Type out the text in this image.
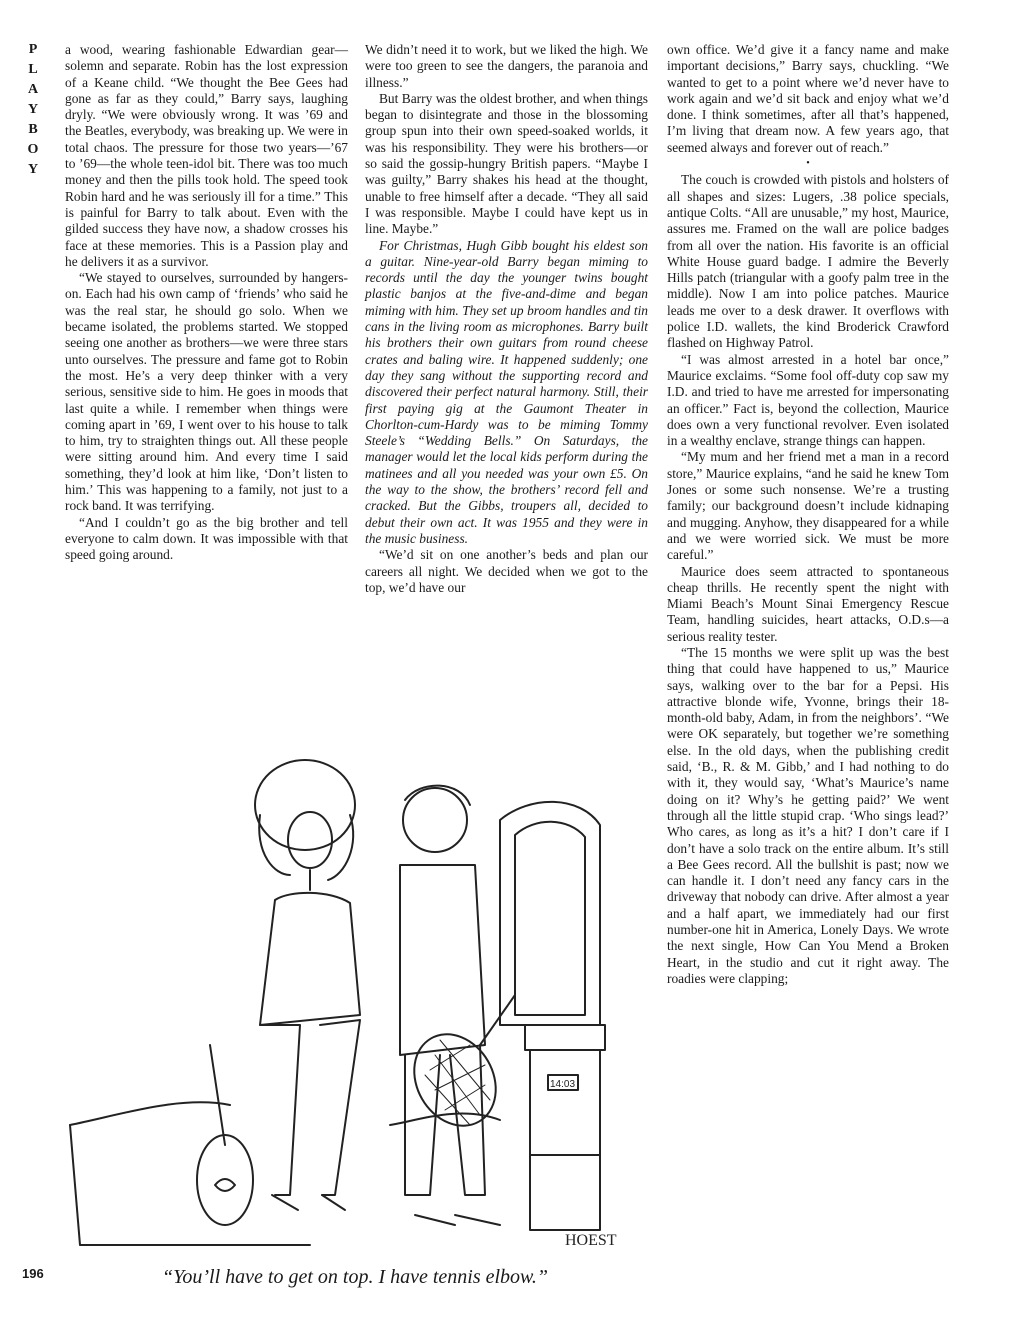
P
L
A
Y
B
O
Y

a wood, wearing fashionable Edwardian gear—solemn and separate. Robin has the lost expression of a Keane child. “We thought the Bee Gees had gone as far as they could,” Barry says, laughing dryly. “We were obviously wrong. It was ’69 and the Beatles, everybody, was breaking up. We were in total chaos. The pressure for those two years—’67 to ’69—the whole teen-idol bit. There was too much money and then the pills took hold. The speed took Robin hard and he was seriously ill for a time.” This is painful for Barry to talk about. Even with the gilded success they have now, a shadow crosses his face at these memories. This is a Passion play and he delivers it as a survivor.

“We stayed to ourselves, surrounded by hangers-on. Each had his own camp of ‘friends’ who said he was the real star, he should go solo. When we became isolated, the problems started. We stopped seeing one another as brothers—we were three stars unto ourselves. The pressure and fame got to Robin the most. He’s a very deep thinker with a very serious, sensitive side to him. He goes in moods that last quite a while. I remember when things were coming apart in ’69, I went over to his house to talk to him, try to straighten things out. All these people were sitting around him. And every time I said something, they’d look at him like, ‘Don’t listen to him.’ This was happening to a family, not just to a rock band. It was terrifying.

“And I couldn’t go as the big brother and tell everyone to calm down. It was impossible with that speed going around.

We didn’t need it to work, but we liked the high. We were too green to see the dangers, the paranoia and illness.”

But Barry was the oldest brother, and when things began to disintegrate and those in the blossoming group spun into their own speed-soaked worlds, it was his responsibility. They were his brothers—or so said the gossip-hungry British papers. “Maybe I was guilty,” Barry shakes his head at the thought, unable to free himself after a decade. “They all said I was responsible. Maybe I could have kept us in line. Maybe.”

For Christmas, Hugh Gibb bought his eldest son a guitar. Nine-year-old Barry began miming to records until the day the younger twins bought plastic banjos at the five-and-dime and began miming with him. They set up broom handles and tin cans in the living room as microphones. Barry built his brothers their own guitars from round cheese crates and baling wire. It happened suddenly; one day they sang without the supporting record and discovered their perfect natural harmony. Still, their first paying gig at the Gaumont Theater in Chorlton-cum-Hardy was to be miming Tommy Steele’s “Wedding Bells.” On Saturdays, the manager would let the local kids perform during the matinees and all you needed was your own £5. On the way to the show, the brothers’ record fell and cracked. But the Gibbs, troupers all, decided to debut their own act. It was 1955 and they were in the music business.

“We’d sit on one another’s beds and plan our careers all night. We decided when we got to the top, we’d have our

own office. We’d give it a fancy name and make important decisions,” Barry says, chuckling. “We wanted to get to a point where we’d never have to work again and we’d sit back and enjoy what we’d done. I think sometimes, after all that’s happened, I’m living that dream now. A few years ago, that seemed always and forever out of reach.”

•

The couch is crowded with pistols and holsters of all shapes and sizes: Lugers, .38 police specials, antique Colts. “All are unusable,” my host, Maurice, assures me. Framed on the wall are police badges from all over the nation. His favorite is an official White House guard badge. I admire the Beverly Hills patch (triangular with a goofy palm tree in the middle). Now I am into police patches. Maurice leads me over to a desk drawer. It overflows with police I.D. wallets, the kind Broderick Crawford flashed on Highway Patrol.

“I was almost arrested in a hotel bar once,” Maurice exclaims. “Some fool off-duty cop saw my I.D. and tried to have me arrested for impersonating an officer.” Fact is, beyond the collection, Maurice does own a very functional revolver. Even isolated in a wealthy enclave, strange things can happen.

“My mum and her friend met a man in a record store,” Maurice explains, “and he said he knew Tom Jones or some such nonsense. We’re a trusting family; our background doesn’t include kidnaping and mugging. Anyhow, they disappeared for a while and we were worried sick. We must be more careful.”

Maurice does seem attracted to spontaneous cheap thrills. He recently spent the night with Miami Beach’s Mount Sinai Emergency Rescue Team, handling suicides, heart attacks, O.D.s—a serious reality tester.

“The 15 months we were split up was the best thing that could have happened to us,” Maurice says, walking over to the bar for a Pepsi. His attractive blonde wife, Yvonne, brings their 18-month-old baby, Adam, in from the neighbors’. “We were OK separately, but together we’re something else. In the old days, when the publishing credit said, ‘B., R. & M. Gibb,’ and I had nothing to do with it, they would say, ‘What’s Maurice’s name doing on it? Why’s he getting paid?’ We went through all the little stupid crap. ‘Who sings lead?’ Who cares, as long as it’s a hit? I don’t care if I don’t have a solo track on the entire album. It’s still a Bee Gees record. All the bullshit is past; now we can handle it. I don’t need any fancy cars in the driveway that nobody can drive. After almost a year and a half apart, we immediately had our first number-one hit in America, Lonely Days. We wrote the next single, How Can You Mend a Broken Heart, in the studio and cut it right away. The roadies were clapping;

14:03
HOEST
“You’ll have to get on top. I have tennis elbow.”
196
